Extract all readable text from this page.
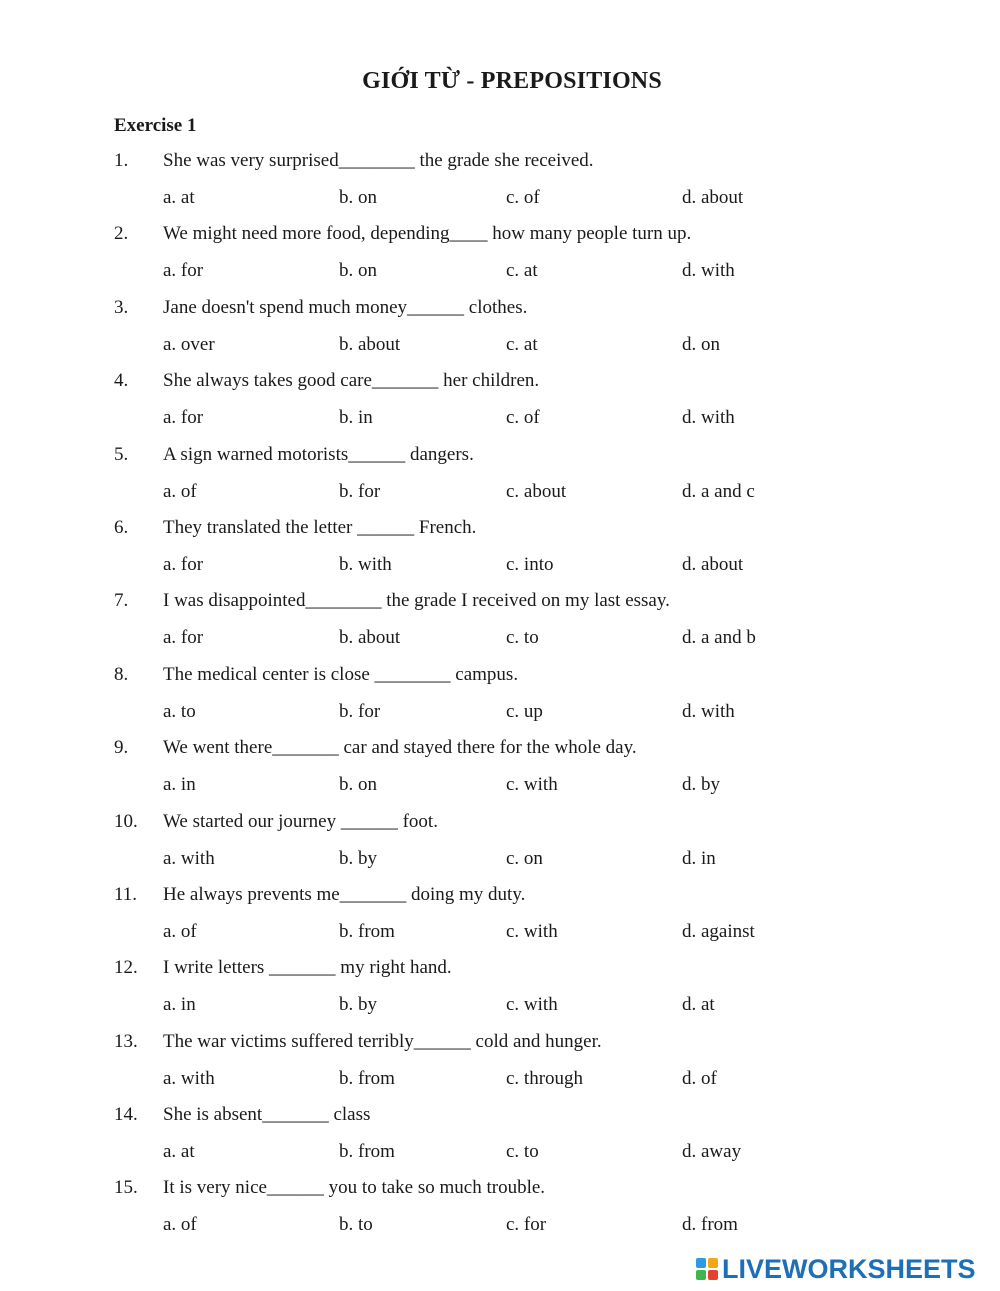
GIỚI TỪ - PREPOSITIONS
Exercise 1
1. She was very surprised________ the grade she received.
a. at	b. on	c. of	d. about
2. We might need more food, depending____ how many people turn up.
a. for	b. on	c. at	d. with
3. Jane doesn't spend much money______ clothes.
a. over	b. about	c. at	d. on
4. She always takes good care_______ her children.
a. for	b. in	c. of	d. with
5. A sign warned motorists______ dangers.
a. of	b. for	c. about	d. a and c
6. They translated the letter ______ French.
a. for	b. with	c. into	d. about
7. I was disappointed________ the grade I received on my last essay.
a. for	b. about	c. to	d. a and b
8. The medical center is close ________ campus.
a. to	b. for	c. up	d. with
9. We went there_______ car and stayed there for the whole day.
a. in	b. on	c. with	d. by
10. We started our journey ______ foot.
a. with	b. by	c. on	d. in
11. He always prevents me_______ doing my duty.
a. of	b. from	c. with	d. against
12. I write letters _______ my right hand.
a. in	b. by	c. with	d. at
13. The war victims suffered terribly______ cold and hunger.
a. with	b. from	c. through	d. of
14. She is absent_______ class
a. at	b. from	c. to	d. away
15. It is very nice______ you to take so much trouble.
a. of	b. to	c. for	d. from
LIVEWORKSHEETS
